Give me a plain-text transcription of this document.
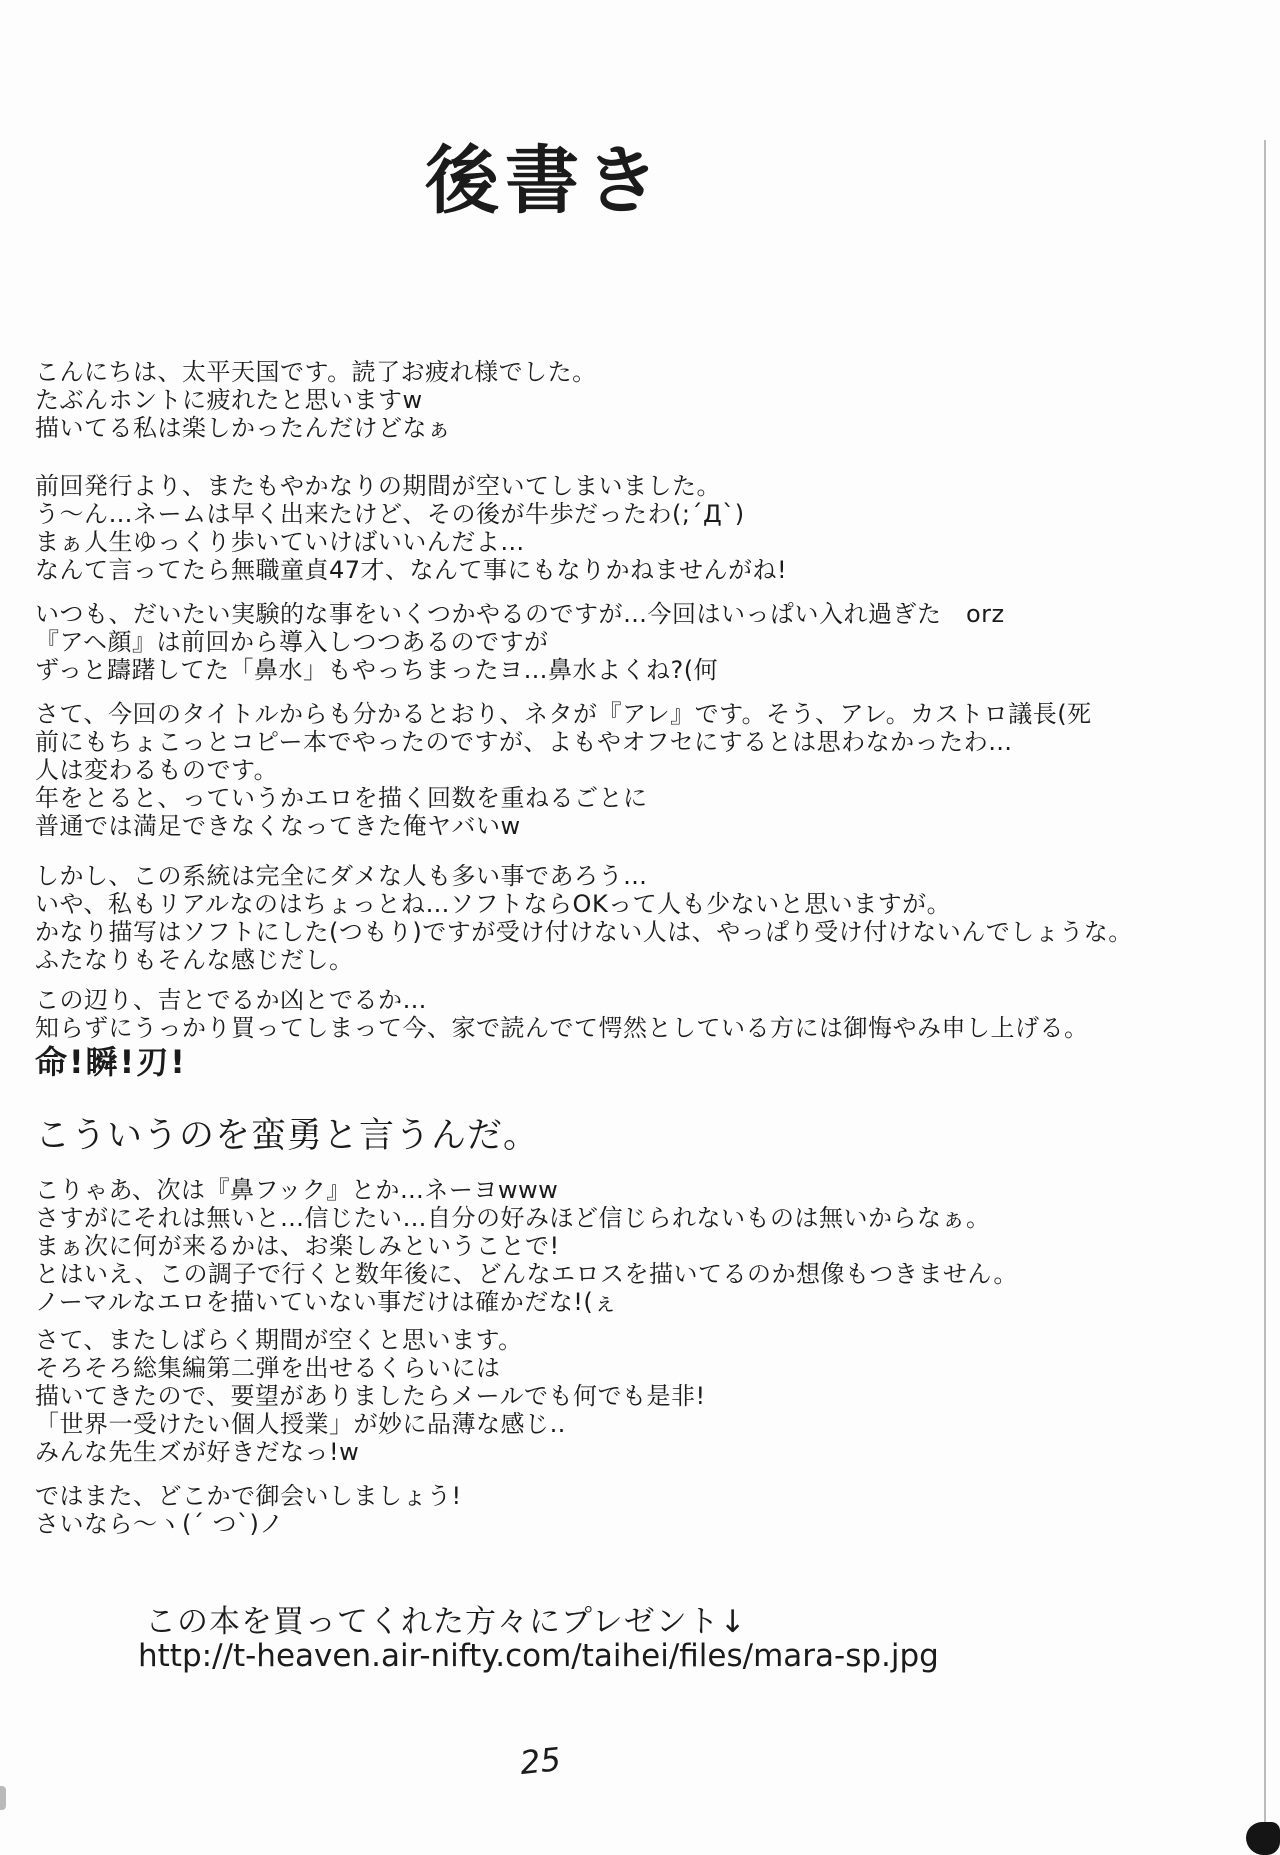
後書き
こんにちは、太平天国です。読了お疲れ様でした。
たぶんホントに疲れたと思いますw
描いてる私は楽しかったんだけどなぁ
前回発行より、またもやかなりの期間が空いてしまいました。
う〜ん…ネームは早く出来たけど、その後が牛歩だったわ(;´Д`)
まぁ人生ゆっくり歩いていけばいいんだよ…
なんて言ってたら無職童貞47才、なんて事にもなりかねませんがね!
いつも、だいたい実験的な事をいくつかやるのですが…今回はいっぱい入れ過ぎた　orz
『アヘ顔』は前回から導入しつつあるのですが
ずっと躊躇してた「鼻水」もやっちまったヨ…鼻水よくね?(何
さて、今回のタイトルからも分かるとおり、ネタが『アレ』です。そう、アレ。カストロ議長(死
前にもちょこっとコピー本でやったのですが、よもやオフセにするとは思わなかったわ…
人は変わるものです。
年をとると、っていうかエロを描く回数を重ねるごとに
普通では満足できなくなってきた俺ヤバいw
しかし、この系統は完全にダメな人も多い事であろう…
いや、私もリアルなのはちょっとね…ソフトならOKって人も少ないと思いますが。
かなり描写はソフトにした(つもり)ですが受け付けない人は、やっぱり受け付けないんでしょうな。
ふたなりもそんな感じだし。
この辺り、吉とでるか凶とでるか…
知らずにうっかり買ってしまって今、家で読んでて愕然としている方には御悔やみ申し上げる。
命!瞬!刃!
こういうのを蛮勇と言うんだ。
こりゃあ、次は『鼻フック』とか…ネーヨwww
さすがにそれは無いと…信じたい…自分の好みほど信じられないものは無いからなぁ。
まぁ次に何が来るかは、お楽しみということで!
とはいえ、この調子で行くと数年後に、どんなエロスを描いてるのか想像もつきません。
ノーマルなエロを描いていない事だけは確かだな!(ぇ
さて、またしばらく期間が空くと思います。
そろそろ総集編第二弾を出せるくらいには
描いてきたので、要望がありましたらメールでも何でも是非!
「世界一受けたい個人授業」が妙に品薄な感じ‥
みんな先生ズが好きだなっ!w
ではまた、どこかで御会いしましょう!
さいなら〜ヽ(´ つ`)ノ
この本を買ってくれた方々にプレゼント↓
http://t-heaven.air-nifty.com/taihei/files/mara-sp.jpg
25
